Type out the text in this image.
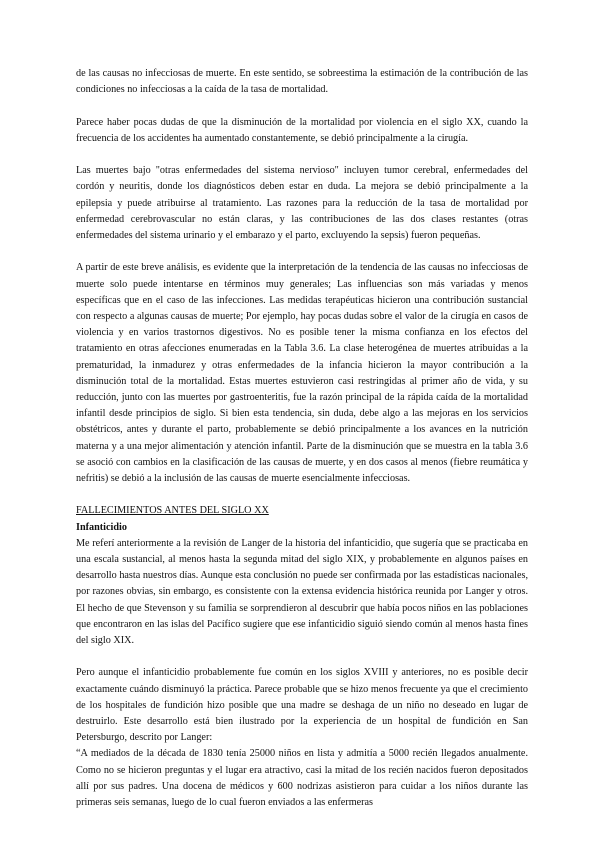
de las causas no infecciosas de muerte. En este sentido, se sobreestima la estimación de la contribución de las condiciones no infecciosas a la caída de la tasa de mortalidad.

Parece haber pocas dudas de que la disminución de la mortalidad por violencia en el siglo XX, cuando la frecuencia de los accidentes ha aumentado constantemente, se debió principalmente a la cirugía.

Las muertes bajo "otras enfermedades del sistema nervioso" incluyen tumor cerebral, enfermedades del cordón y neuritis, donde los diagnósticos deben estar en duda. La mejora se debió principalmente a la epilepsia y puede atribuirse al tratamiento. Las razones para la reducción de la tasa de mortalidad por enfermedad cerebrovascular no están claras, y las contribuciones de las dos clases restantes (otras enfermedades del sistema urinario y el embarazo y el parto, excluyendo la sepsis) fueron pequeñas.

A partir de este breve análisis, es evidente que la interpretación de la tendencia de las causas no infecciosas de muerte solo puede intentarse en términos muy generales; Las influencias son más variadas y menos específicas que en el caso de las infecciones. Las medidas terapéuticas hicieron una contribución sustancial con respecto a algunas causas de muerte; Por ejemplo, hay pocas dudas sobre el valor de la cirugía en casos de violencia y en varios trastornos digestivos. No es posible tener la misma confianza en los efectos del tratamiento en otras afecciones enumeradas en la Tabla 3.6. La clase heterogénea de muertes atribuidas a la prematuridad, la inmadurez y otras enfermedades de la infancia hicieron la mayor contribución a la disminución total de la mortalidad. Estas muertes estuvieron casi restringidas al primer año de vida, y su reducción, junto con las muertes por gastroenteritis, fue la razón principal de la rápida caída de la mortalidad infantil desde principios de siglo. Si bien esta tendencia, sin duda, debe algo a las mejoras en los servicios obstétricos, antes y durante el parto, probablemente se debió principalmente a los avances en la nutrición materna y a una mejor alimentación y atención infantil. Parte de la disminución que se muestra en la tabla 3.6 se asoció con cambios en la clasificación de las causas de muerte, y en dos casos al menos (fiebre reumática y nefritis) se debió a la inclusión de las causas de muerte esencialmente infecciosas.

FALLECIMIENTOS ANTES DEL SIGLO XX

Infanticidio

Me referí anteriormente a la revisión de Langer de la historia del infanticidio, que sugería que se practicaba en una escala sustancial, al menos hasta la segunda mitad del siglo XIX, y probablemente en algunos países en desarrollo hasta nuestros días. Aunque esta conclusión no puede ser confirmada por las estadísticas nacionales, por razones obvias, sin embargo, es consistente con la extensa evidencia histórica reunida por Langer y otros. El hecho de que Stevenson y su familia se sorprendieron al descubrir que había pocos niños en las poblaciones que encontraron en las islas del Pacífico sugiere que ese infanticidio siguió siendo común al menos hasta fines del siglo XIX.

Pero aunque el infanticidio probablemente fue común en los siglos XVIII y anteriores, no es posible decir exactamente cuándo disminuyó la práctica. Parece probable que se hizo menos frecuente ya que el crecimiento de los hospitales de fundición hizo posible que una madre se deshaga de un niño no deseado en lugar de destruirlo. Este desarrollo está bien ilustrado por la experiencia de un hospital de fundición en San Petersburgo, descrito por Langer:

“A mediados de la década de 1830 tenía 25000 niños en lista y admitía a 5000 recién llegados anualmente. Como no se hicieron preguntas y el lugar era atractivo, casi la mitad de los recién nacidos fueron depositados allí por sus padres. Una docena de médicos y 600 nodrizas asistieron para cuidar a los niños durante las primeras seis semanas, luego de lo cual fueron enviados a las enfermeras
